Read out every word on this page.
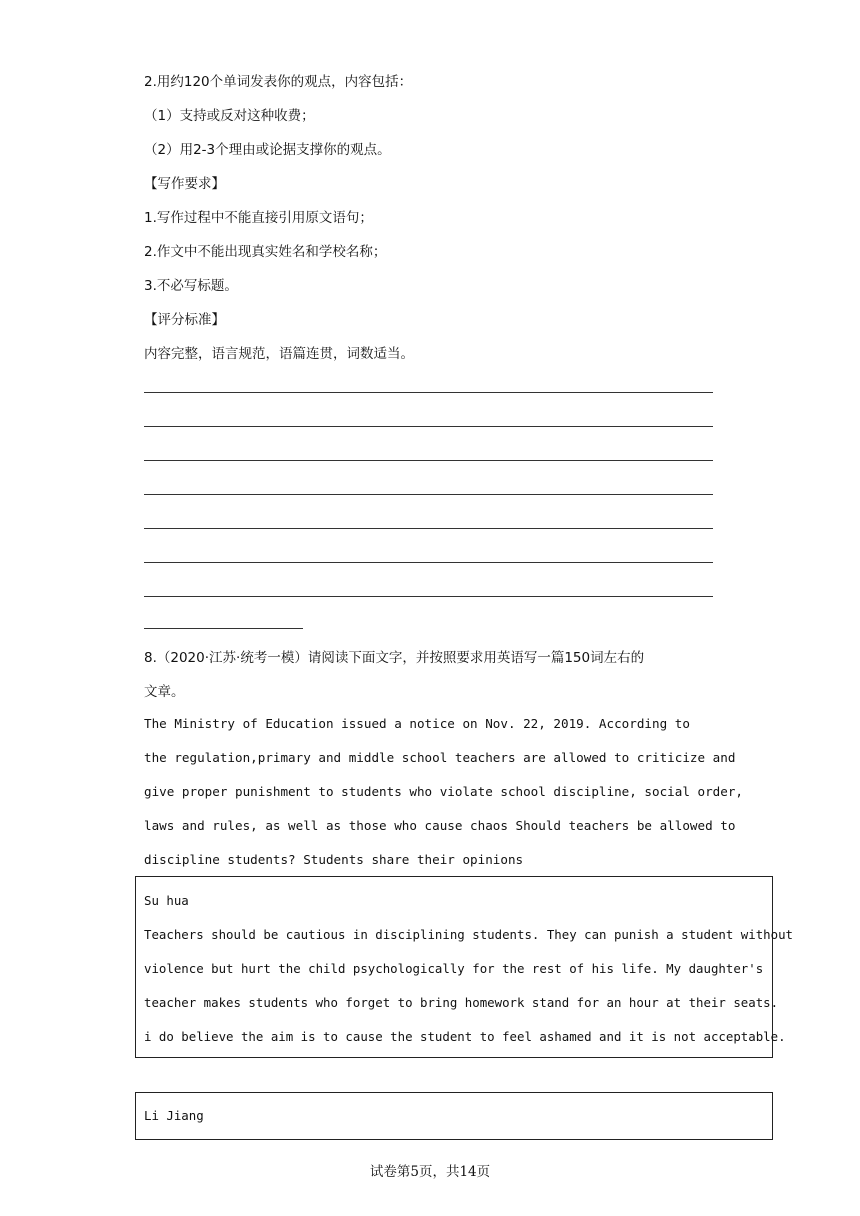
2.用约120个单词发表你的观点，内容包括：
（1）支持或反对这种收费；
（2）用2-3个理由或论据支撑你的观点。
【写作要求】
1.写作过程中不能直接引用原文语句；
2.作文中不能出现真实姓名和学校名称；
3.不必写标题。
【评分标准】
内容完整，语言规范，语篇连贯，词数适当。
8.（2020·江苏·统考一模）请阅读下面文字，并按照要求用英语写一篇150词左右的
文章。
The Ministry of Education issued a notice on Nov. 22, 2019. According to
the regulation,primary and middle school teachers are allowed to criticize and
give proper punishment to students who violate school discipline, social order,
laws and rules, as well as those who cause chaos Should teachers be allowed to
discipline students? Students share their opinions
Su hua
Teachers should be cautious in disciplining students. They can punish a student without
violence but hurt the child psychologically for the rest of his life. My daughter's
teacher makes students who forget to bring homework stand for an hour at their seats.
i do believe the aim is to cause the student to feel ashamed and it is not acceptable.
Li Jiang
试卷第5页，共14页
